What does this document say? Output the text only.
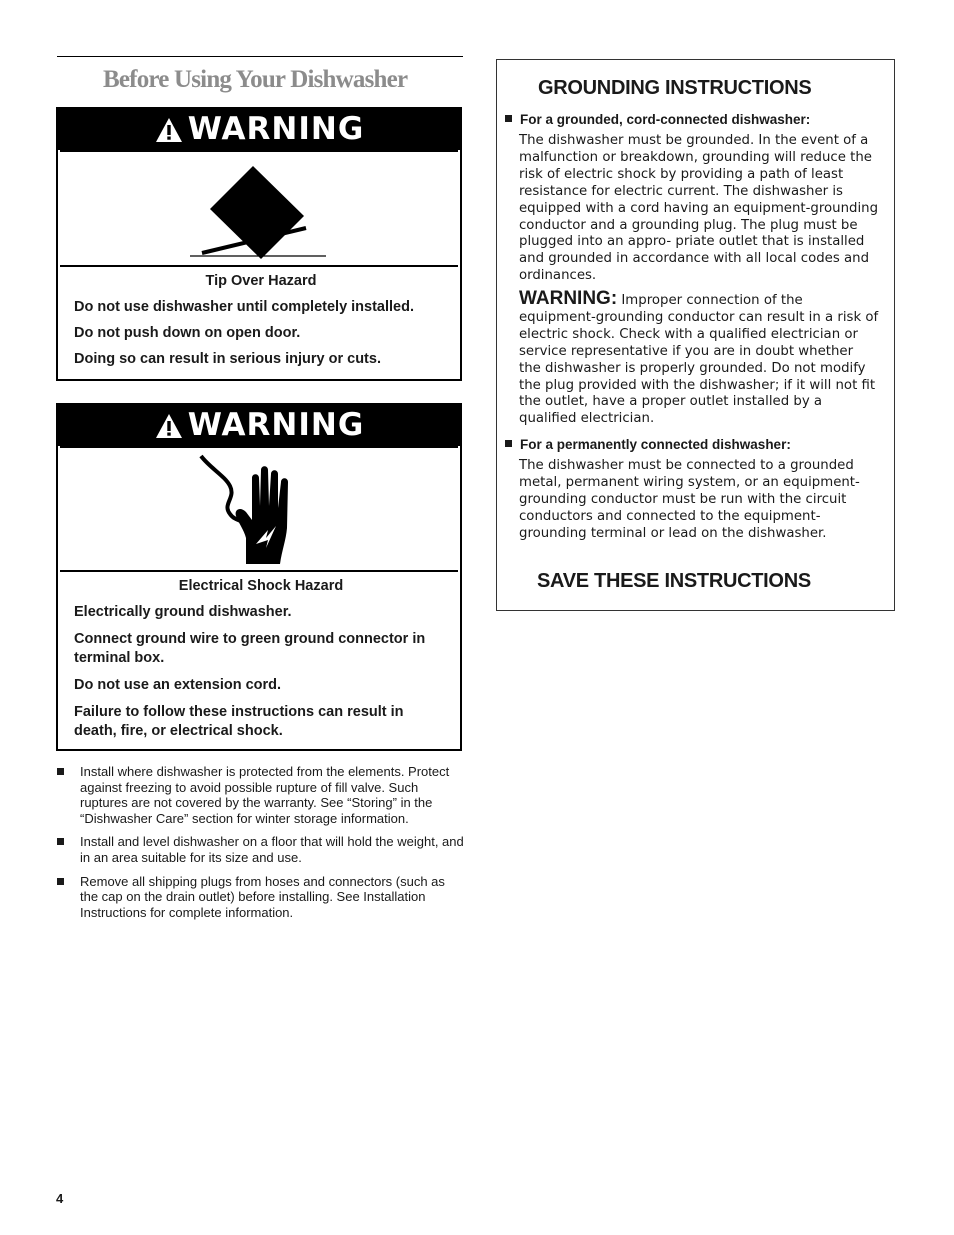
Before Using Your Dishwasher
WARNING

Tip Over Hazard

Do not use dishwasher until completely installed.

Do not push down on open door.

Doing so can result in serious injury or cuts.

WARNING

Electrical Shock Hazard

Electrically ground dishwasher.

Connect ground wire to green ground connector in terminal box.

Do not use an extension cord.

Failure to follow these instructions can result in death, fire, or electrical shock.

Install where dishwasher is protected from the elements. Protect against freezing to avoid possible rupture of fill valve. Such ruptures are not covered by the warranty. See “Storing” in the “Dishwasher Care” section for winter storage information.
Install and level dishwasher on a floor that will hold the weight, and in an area suitable for its size and use.
Remove all shipping plugs from hoses and connectors (such as the cap on the drain outlet) before installing. See Installation Instructions for complete information.
GROUNDING INSTRUCTIONS

For a grounded, cord-connected dishwasher:

The dishwasher must be grounded. In the event of a malfunction or breakdown, grounding will reduce the risk of electric shock by providing a path of least resistance for electric current. The dishwasher is equipped with a cord having an equipment-grounding conductor and a grounding plug. The plug must be plugged into an appro- priate outlet that is installed and grounded in accordance with all local codes and ordinances.

WARNING: Improper connection of the equipment-grounding conductor can result in a risk of electric shock. Check with a qualified electrician or service representative if you are in doubt whether the dishwasher is properly grounded. Do not modify the plug provided with the dishwasher; if it will not fit the outlet, have a proper outlet installed by a qualified electrician.

For a permanently connected dishwasher:

The dishwasher must be connected to a grounded metal, permanent wiring system, or an equipment-grounding conductor must be run with the circuit conductors and connected to the equipment-grounding terminal or lead on the dishwasher.

SAVE THESE INSTRUCTIONS

4
